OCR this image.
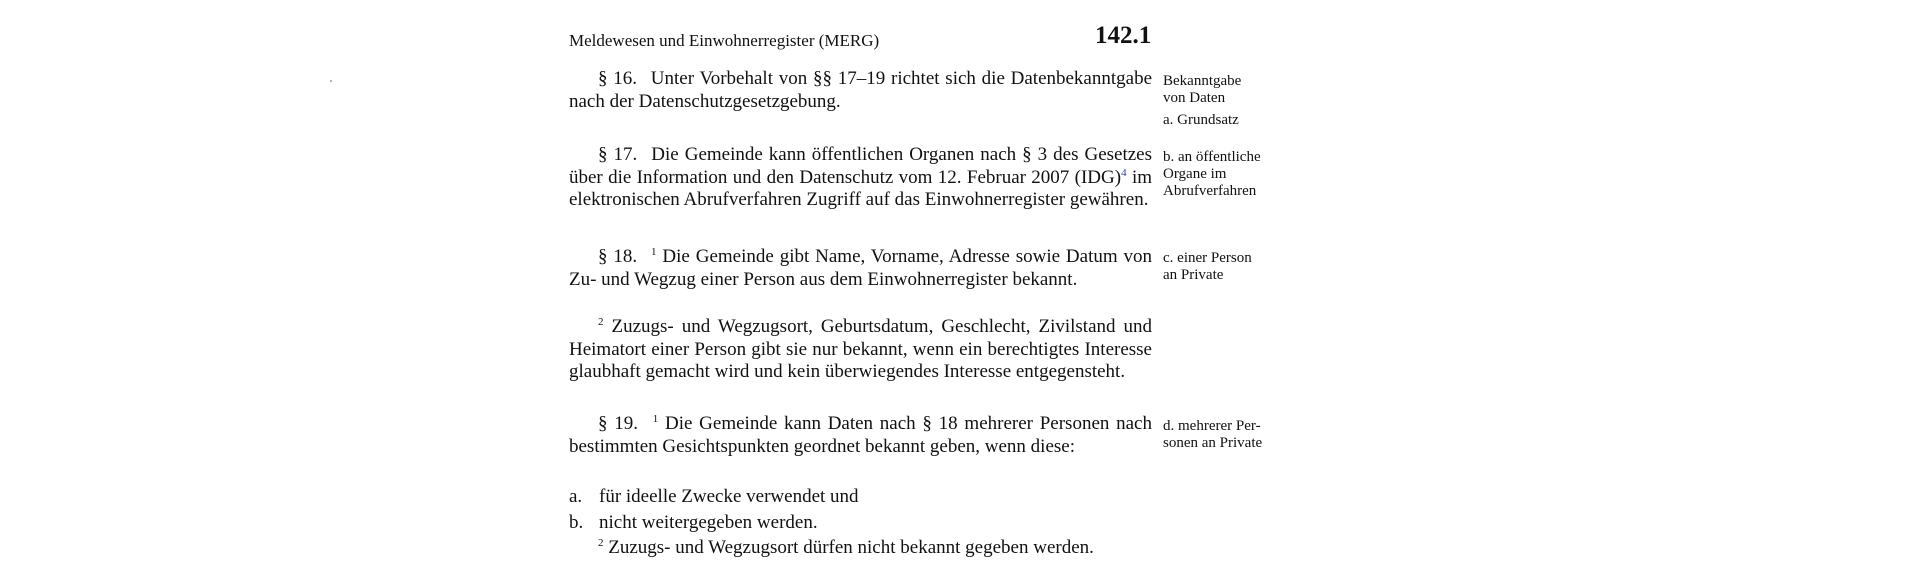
Meldewesen und Einwohnerregister (MERG)	142.1

§ 16. Unter Vorbehalt von §§ 17–19 richtet sich die Datenbekanntgabe nach der Datenschutzgesetzgebung.

§ 17. Die Gemeinde kann öffentlichen Organen nach § 3 des Gesetzes über die Information und den Datenschutz vom 12. Februar 2007 (IDG)$^4$ im elektronischen Abrufverfahren Zugriff auf das Einwohnerregister gewähren.

§ 18. $^1$ Die Gemeinde gibt Name, Vorname, Adresse sowie Datum von Zu- und Wegzug einer Person aus dem Einwohnerregister bekannt.

$^2$ Zuzugs- und Wegzugsort, Geburtsdatum, Geschlecht, Zivilstand und Heimatort einer Person gibt sie nur bekannt, wenn ein berechtigtes Interesse glaubhaft gemacht wird und kein überwiegendes Interesse entgegensteht.

§ 19. $^1$ Die Gemeinde kann Daten nach § 18 mehrerer Personen nach bestimmten Gesichtspunkten geordnet bekannt geben, wenn diese:

a. für ideelle Zwecke verwendet und
b. nicht weitergegeben werden.

$^2$ Zuzugs- und Wegzugsort dürfen nicht bekannt gegeben werden.

Bekanntgabe
von Daten
a. Grundsatz
b. an öffentliche
Organe im
Abrufverfahren
c. einer Person
an Private
d. mehrerer Per-
sonen an Private
